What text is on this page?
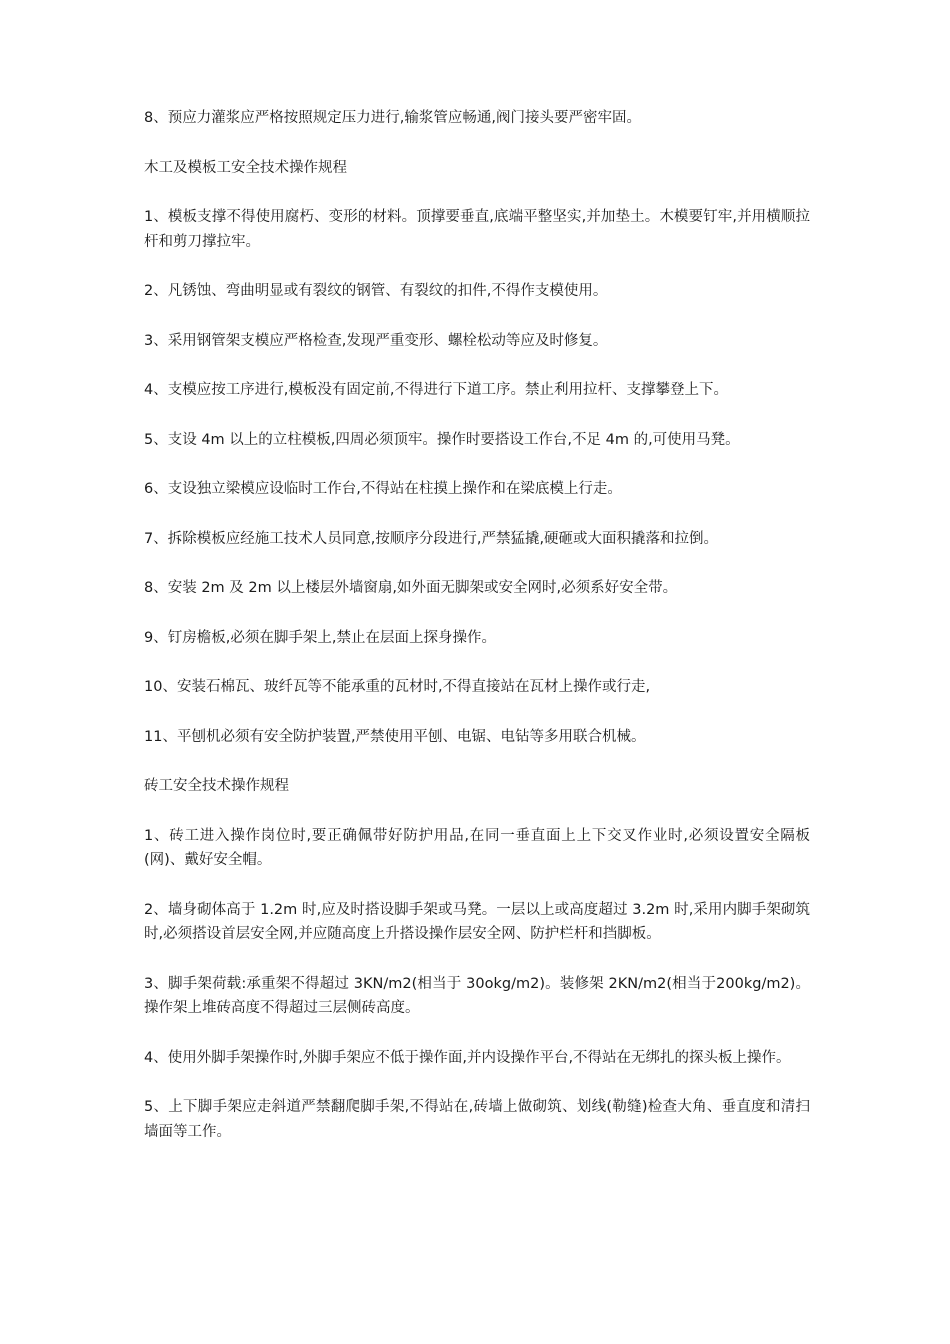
8、预应力灌浆应严格按照规定压力进行,输浆管应畅通,阀门接头要严密牢固。

木工及模板工安全技术操作规程

1、模板支撑不得使用腐朽、变形的材料。顶撑要垂直,底端平整坚实,并加垫土。木模要钉牢,并用横顺拉杆和剪刀撑拉牢。

2、凡锈蚀、弯曲明显或有裂纹的钢管、有裂纹的扣件,不得作支模使用。

3、采用钢管架支模应严格检查,发现严重变形、螺栓松动等应及时修复。

4、支模应按工序进行,模板没有固定前,不得进行下道工序。禁止利用拉杆、支撑攀登上下。

5、支设 4m 以上的立柱模板,四周必须顶牢。操作时要搭设工作台,不足 4m 的,可使用马凳。

6、支设独立梁模应设临时工作台,不得站在柱摸上操作和在梁底模上行走。

7、拆除模板应经施工技术人员同意,按顺序分段进行,严禁猛撬,硬砸或大面积撬落和拉倒。

8、安装 2m 及 2m 以上楼层外墙窗扇,如外面无脚架或安全网时,必须系好安全带。

9、钉房檐板,必须在脚手架上,禁止在层面上探身操作。

10、安装石棉瓦、玻纤瓦等不能承重的瓦材时,不得直接站在瓦材上操作或行走,

11、平刨机必须有安全防护装置,严禁使用平刨、电锯、电钻等多用联合机械。

砖工安全技术操作规程

1、砖工进入操作岗位时,要正确佩带好防护用品,在同一垂直面上上下交叉作业时,必须设置安全隔板(网)、戴好安全帽。

2、墙身砌体高于 1.2m 时,应及时搭设脚手架或马凳。一层以上或高度超过 3.2m 时,采用内脚手架砌筑时,必须搭设首层安全网,并应随高度上升搭设操作层安全网、防护栏杆和挡脚板。

3、脚手架荷载:承重架不得超过 3KN/m2(相当于 30okg/m2)。装修架 2KN/m2(相当于200kg/m2)。操作架上堆砖高度不得超过三层侧砖高度。

4、使用外脚手架操作时,外脚手架应不低于操作面,并内设操作平台,不得站在无绑扎的探头板上操作。

5、上下脚手架应走斜道严禁翻爬脚手架,不得站在,砖墙上做砌筑、划线(勒缝)检查大角、垂直度和清扫墙面等工作。
